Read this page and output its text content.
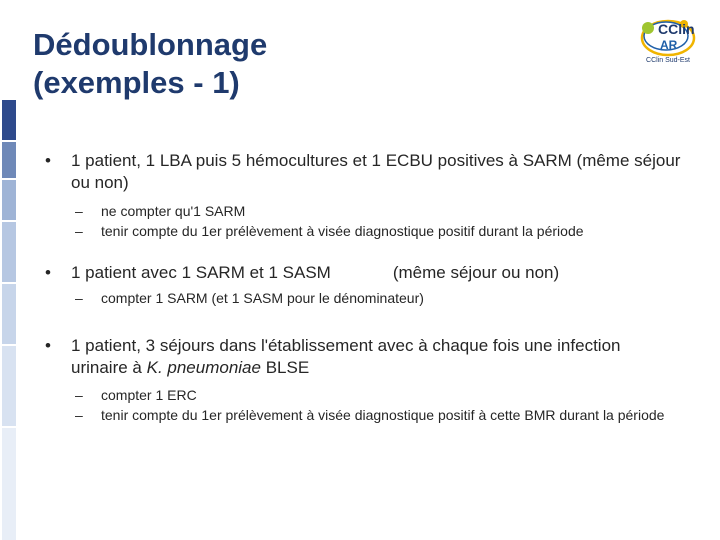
Dédoublonnage
(exemples - 1)
CClin
AR
CClin Sud-Est
• 1 patient, 1 LBA puis 5 hémocultures et 1 ECBU positives à SARM (même séjour ou non)
– ne compter qu'1 SARM
– tenir compte du 1er prélèvement à visée diagnostique positif durant la période
• 1 patient avec 1 SARM et 1 SASM	(même séjour ou non)
– compter 1 SARM (et 1 SASM pour le dénominateur)
• 1 patient, 3 séjours dans l'établissement avec à chaque fois une infection urinaire à K. pneumoniae BLSE
– compter 1 ERC
– tenir compte du 1er prélèvement à visée diagnostique positif à cette BMR durant la période
